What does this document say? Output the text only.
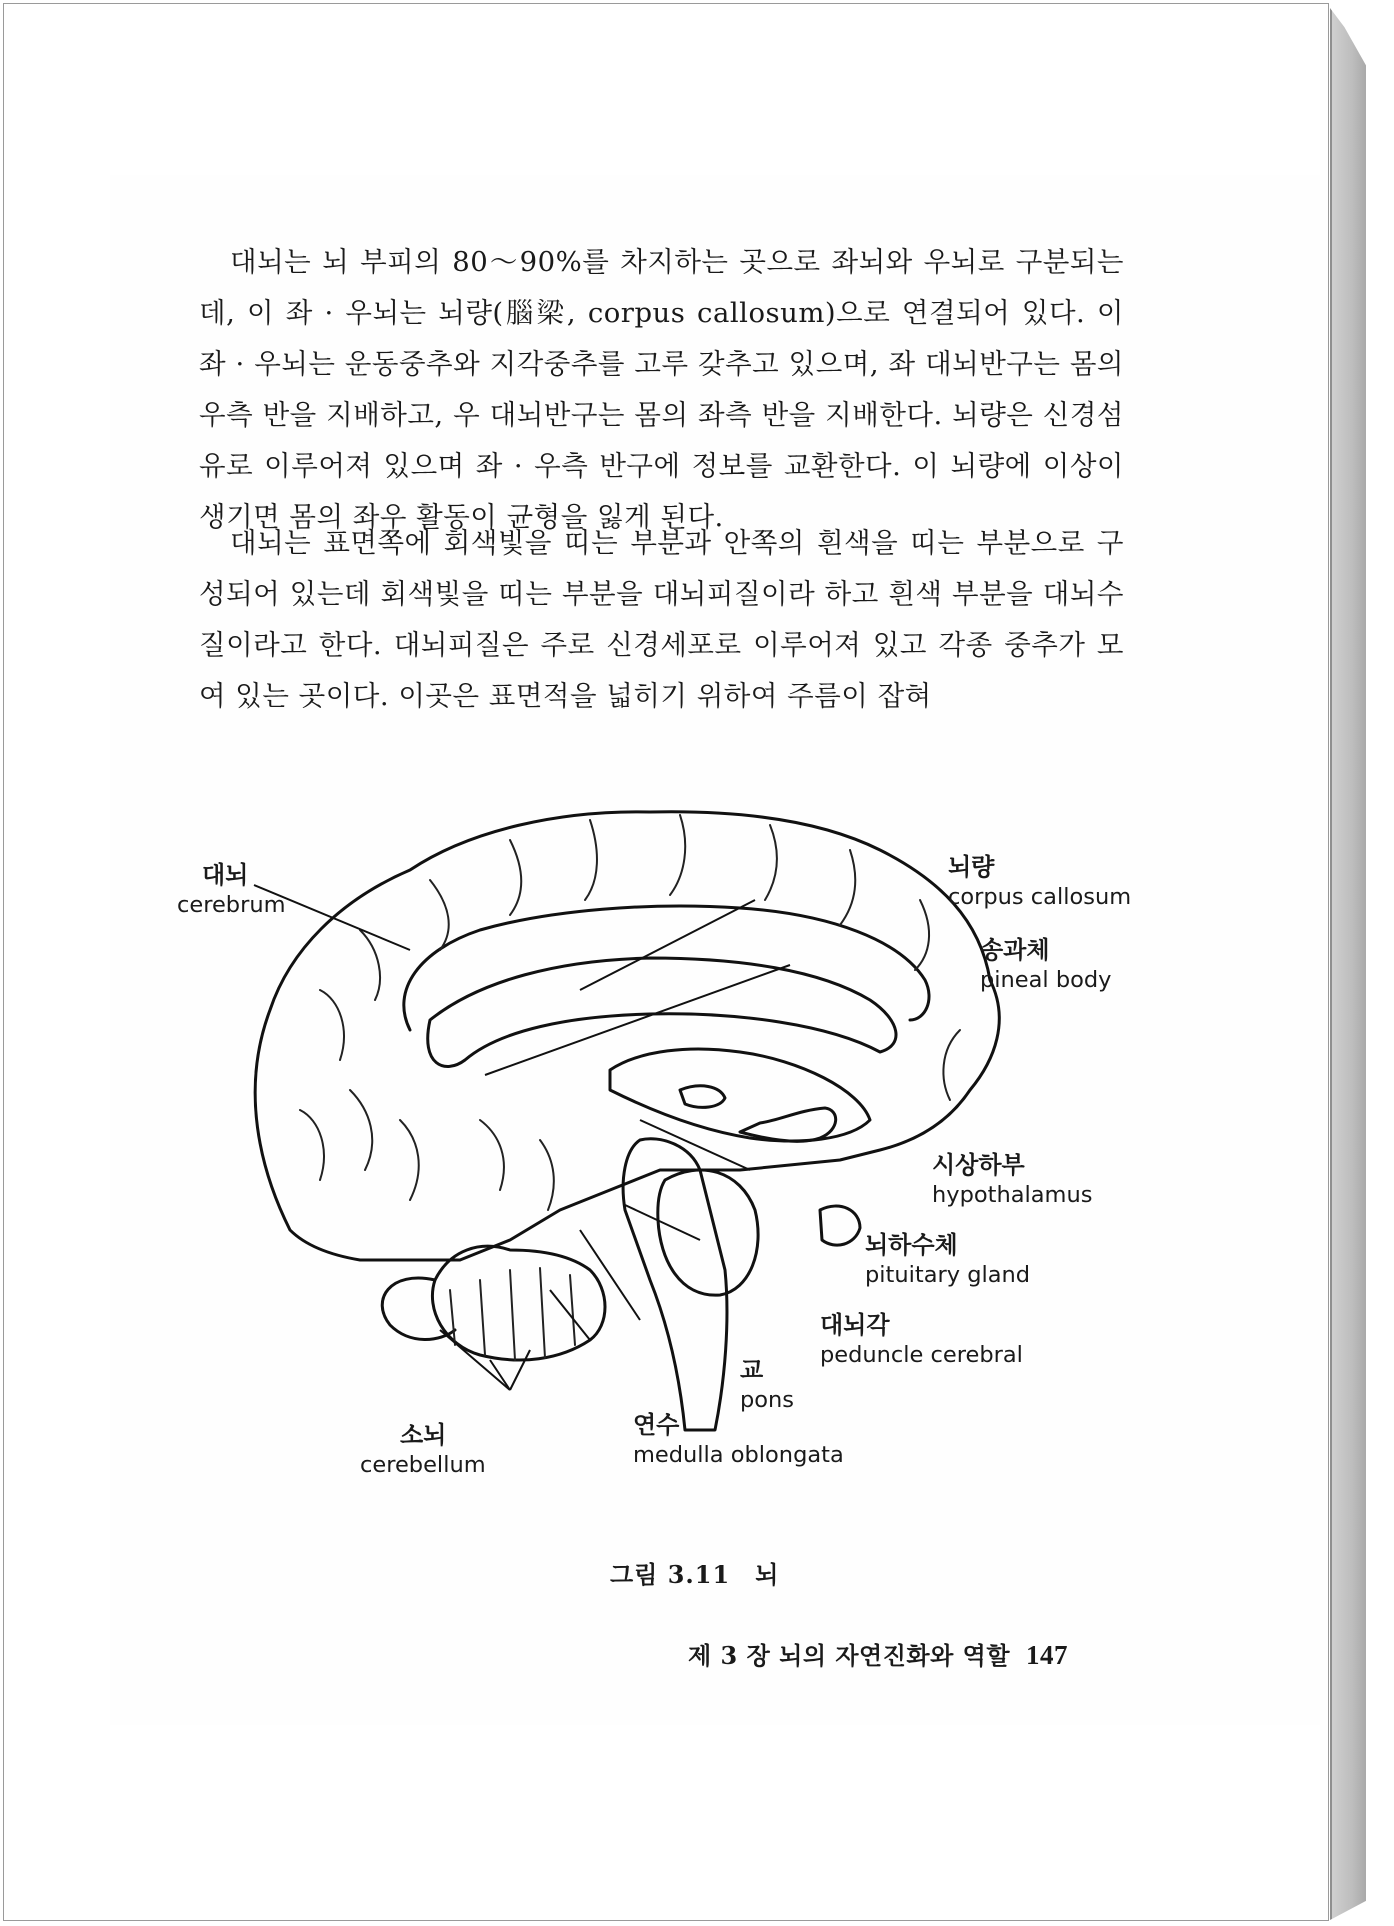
대뇌는 뇌 부피의 80～90%를 차지하는 곳으로 좌뇌와 우뇌로 구분되는데, 이 좌 · 우뇌는 뇌량(腦梁, corpus callosum)으로 연결되어 있다. 이 좌 · 우뇌는 운동중추와 지각중추를 고루 갖추고 있으며, 좌 대뇌반구는 몸의 우측 반을 지배하고, 우 대뇌반구는 몸의 좌측 반을 지배한다. 뇌량은 신경섬유로 이루어져 있으며 좌 · 우측 반구에 정보를 교환한다. 이 뇌량에 이상이 생기면 몸의 좌우 활동이 균형을 잃게 된다.

대뇌는 표면쪽에 회색빛을 띠는 부분과 안쪽의 흰색을 띠는 부분으로 구성되어 있는데 회색빛을 띠는 부분을 대뇌피질이라 하고 흰색 부분을 대뇌수질이라고 한다. 대뇌피질은 주로 신경세포로 이루어져 있고 각종 중추가 모여 있는 곳이다. 이곳은 표면적을 넓히기 위하여 주름이 잡혀

대뇌
cerebrum
뇌량
corpus callosum
송과체
pineal body
시상하부
hypothalamus
뇌하수체
pituitary gland
대뇌각
peduncle cerebral
교
pons
연수
medulla oblongata
소뇌
cerebellum
그림 3.11　뇌
제 3 장 뇌의 자연진화와 역할 147
